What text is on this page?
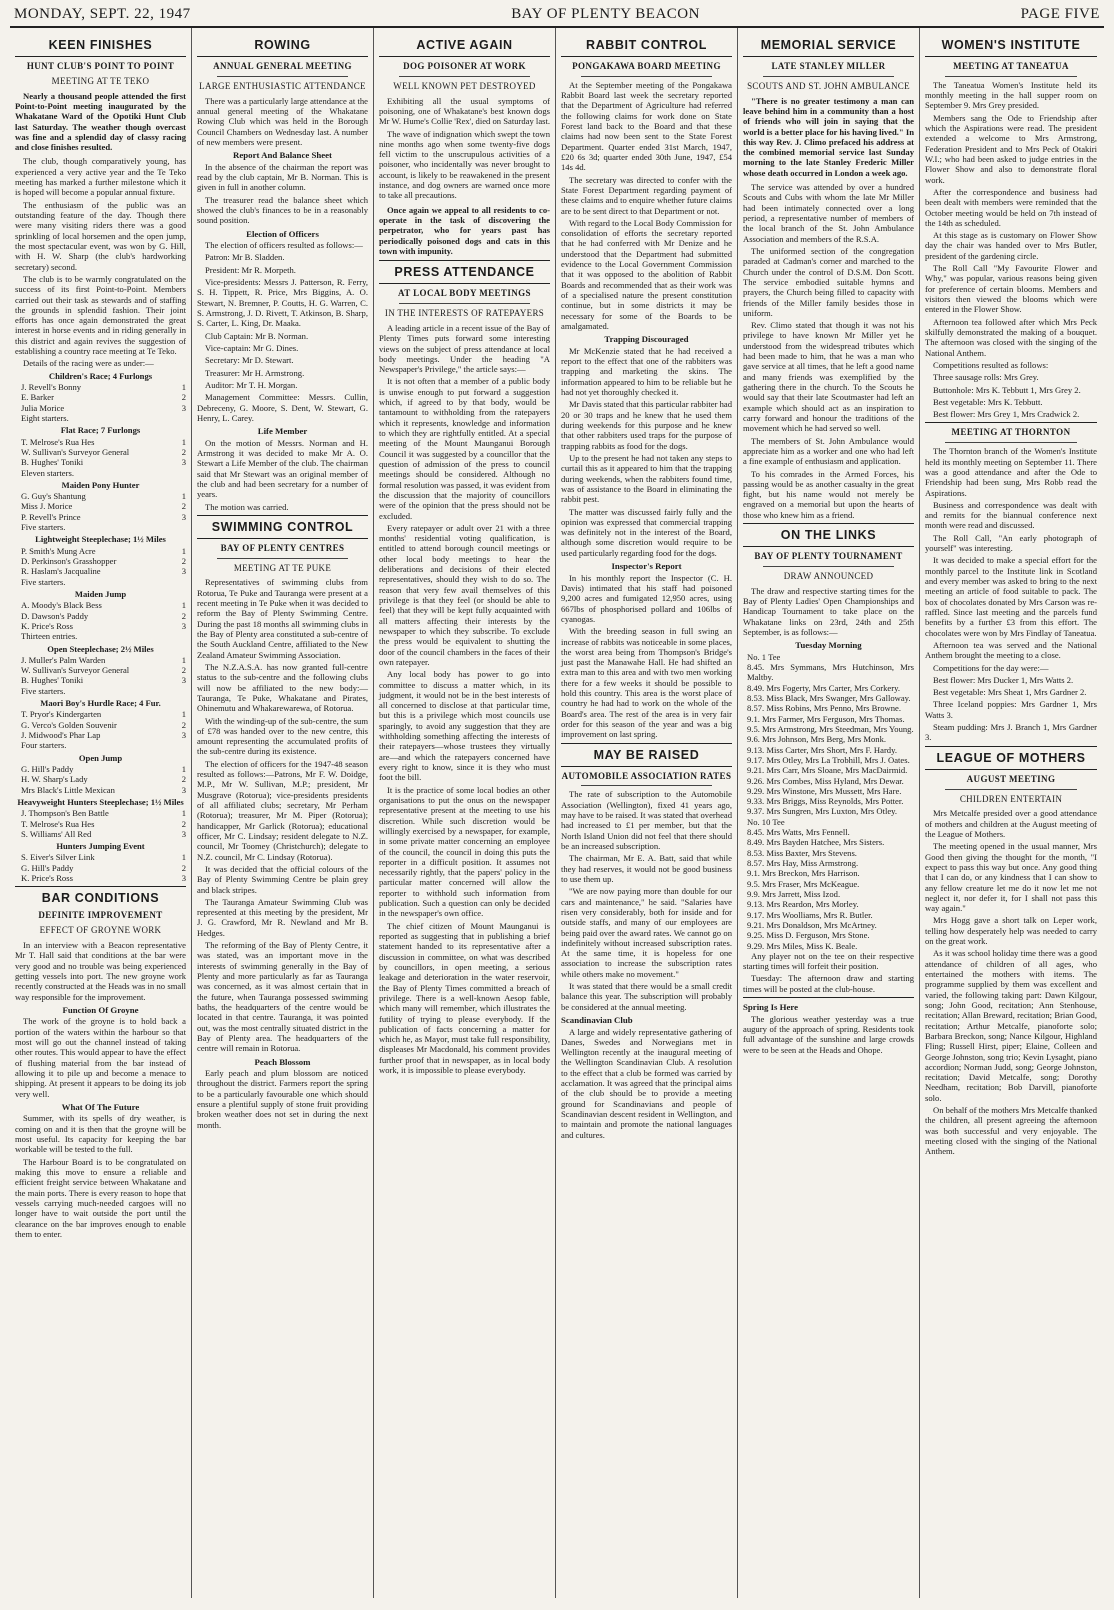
MONDAY, SEPT. 22, 1947	BAY OF PLENTY BEACON	PAGE FIVE
KEEN FINISHES
HUNT CLUB'S POINT TO POINT
MEETING AT TE TEKO
Nearly a thousand people attended the first Point-to-Point meeting inaugurated by the Whakatane Ward of the Opotiki Hunt Club last Saturday. The weather though overcast was fine and a splendid day of classy racing and close finishes resulted.
The club, though comparatively young, has experienced a very active year and the Te Teko meeting has marked a further milestone which it is hoped will become a popular annual fixture.
The enthusiasm of the public was an outstanding feature of the day. Though there were many visiting riders there was a good sprinkling of local horsemen and the open jump, the most spectacular event, was won by G. Hill, with H. W. Sharp (the club's hardworking secretary) second.
The club is to be warmly congratulated on the success of its first Point-to-Point. Members carried out their task as stewards and of staffing the grounds in splendid fashion. Their joint efforts has once again demonstrated the great interest in horse events and in riding generally in this district and again revives the suggestion of establishing a country race meeting at Te Teko.
Details of the racing were as under:—
Children's Race; 4 Furlongs
J. Revell's Bonny	1
E. Barker	2
Julia Morice	3
Eight starters.
Flat Race; 7 Furlongs
T. Melrose's Rua Hes	1
W. Sullivan's Surveyor General	2
B. Hughes' Toniki	3
Eleven starters.
Maiden Pony Hunter
G. Guy's Shantung	1
Miss J. Morice	2
P. Revell's Prince	3
Five starters.
Lightweight Steeplechase; 1½ Miles
P. Smith's Mung Acre	1
D. Perkinson's Grasshopper	2
R. Haslam's Jacqualine	3
Five starters.
Maiden Jump
A. Moody's Black Bess	1
D. Dawson's Paddy	2
K. Price's Ross	3
Thirteen entries.
Open Steeplechase; 2½ Miles
J. Muller's Palm Warden	1
W. Sullivan's Surveyor General	2
B. Hughes' Toniki	3
Five starters.
Maori Boy's Hurdle Race; 4 Fur.
T. Pryor's Kindergarten	1
G. Verco's Golden Souvenir	2
J. Midwood's Phar Lap	3
Four starters.
Open Jump
G. Hill's Paddy	1
H. W. Sharp's Lady	2
Mrs Black's Little Mexican	3
Heavyweight Hunters Steeplechase; 1½ Miles
J. Thompson's Ben Battle	1
T. Melrose's Rua Hes	2
S. Williams' All Red	3
Hunters Jumping Event
S. Eiver's Silver Link	1
G. Hill's Paddy	2
K. Price's Ross	3
BAR CONDITIONS
DEFINITE IMPROVEMENT
EFFECT OF GROYNE WORK
In an interview with a Beacon representative Mr T. Hall said that conditions at the bar were very good and no trouble was being experienced getting vessels into port. The new groyne work recently constructed at the Heads was in no small way responsible for the improvement.
Function Of Groyne
The work of the groyne is to hold back a portion of the waters within the harbour so that most will go out the channel instead of taking other routes. This would appear to have the effect of flushing material from the bar instead of allowing it to pile up and become a menace to shipping. At present it appears to be doing its job very well.
What Of The Future
Summer, with its spells of dry weather, is coming on and it is then that the groyne will be most useful. Its capacity for keeping the bar workable will be tested to the full.
The Harbour Board is to be congratulated on making this move to ensure a reliable and efficient freight service between Whakatane and the main ports. There is every reason to hope that vessels carrying much-needed cargoes will no longer have to wait outside the port until the clearance on the bar improves enough to enable them to enter.
ROWING
ANNUAL GENERAL MEETING
LARGE ENTHUSIASTIC ATTENDANCE
There was a particularly large attendance at the annual general meeting of the Whakatane Rowing Club which was held in the Borough Council Chambers on Wednesday last. A number of new members were present.
Report And Balance Sheet
In the absence of the chairman the report was read by the club captain, Mr B. Norman. This is given in full in another column.
The treasurer read the balance sheet which showed the club's finances to be in a reasonably sound position.
Election of Officers
The election of officers resulted as follows:—
Patron: Mr B. Sladden.
President: Mr R. Morpeth.
Vice-presidents: Messrs J. Patterson, R. Ferry, S. H. Tippett, R. Price, Mrs Biggins, A. O. Stewart, N. Bremner, P. Coutts, H. G. Warren, C. S. Armstrong, J. D. Rivett, T. Atkinson, B. Sharp, S. Carter, L. King, Dr. Maaka.
Club Captain: Mr B. Norman.
Vice-captain: Mr G. Dines.
Secretary: Mr D. Stewart.
Treasurer: Mr H. Armstrong.
Auditor: Mr T. H. Morgan.
Management Committee: Messrs. Cullin, Debreceny, G. Moore, S. Dent, W. Stewart, G. Henry, L. Carey.
Life Member
On the motion of Messrs. Norman and H. Armstrong it was decided to make Mr A. O. Stewart a Life Member of the club. The chairman said that Mr Stewart was an original member of the club and had been secretary for a number of years.
The motion was carried.
SWIMMING CONTROL
BAY OF PLENTY CENTRES
MEETING AT TE PUKE
Representatives of swimming clubs from Rotorua, Te Puke and Tauranga were present at a recent meeting in Te Puke when it was decided to reform the Bay of Plenty Swimming Centre. During the past 18 months all swimming clubs in the Bay of Plenty area constituted a sub-centre of the South Auckland Centre, affiliated to the New Zealand Amateur Swimming Association.
The N.Z.A.S.A. has now granted full-centre status to the sub-centre and the following clubs will now be affiliated to the new body:—Tauranga, Te Puke, Whakatane and Pirates, Ohinemutu and Whakarewarewa, of Rotorua.
With the winding-up of the sub-centre, the sum of £78 was handed over to the new centre, this amount representing the accumulated profits of the sub-centre during its existence.
The election of officers for the 1947-48 season resulted as follows:—Patrons, Mr F. W. Doidge, M.P., Mr W. Sullivan, M.P.; president, Mr Musgrave (Rotorua); vice-presidents presidents of all affiliated clubs; secretary, Mr Perham (Rotorua); treasurer, Mr M. Piper (Rotorua); handicapper, Mr Garlick (Rotorua); educational officer, Mr C. Lindsay; resident delegate to N.Z. council, Mr Toomey (Christchurch); delegate to N.Z. council, Mr C. Lindsay (Rotorua).
It was decided that the official colours of the Bay of Plenty Swimming Centre be plain grey and black stripes.
The Tauranga Amateur Swimming Club was represented at this meeting by the president, Mr J. G. Crawford, Mr R. Newland and Mr B. Hedges.
The reforming of the Bay of Plenty Centre, it was stated, was an important move in the interests of swimming generally in the Bay of Plenty and more particularly as far as Tauranga was concerned, as it was almost certain that in the future, when Tauranga possessed swimming baths, the headquarters of the centre would be located in that centre. Tauranga, it was pointed out, was the most centrally situated district in the Bay of Plenty area. The headquarters of the centre will remain in Rotorua.
Peach Blossom
Early peach and plum blossom are noticed throughout the district. Farmers report the spring to be a particularly favourable one which should ensure a plentiful supply of stone fruit providing broken weather does not set in during the next month.
ACTIVE AGAIN
DOG POISONER AT WORK
WELL KNOWN PET DESTROYED
Exhibiting all the usual symptoms of poisoning, one of Whakatane's best known dogs Mr W. Hume's Collie 'Rex', died on Saturday last.
The wave of indignation which swept the town nine months ago when some twenty-five dogs fell victim to the unscrupulous activities of a poisoner, who incidentally was never brought to account, is likely to be reawakened in the present instance, and dog owners are warned once more to take all precautions.
Once again we appeal to all residents to co-operate in the task of discovering the perpetrator, who for years past has periodically poisoned dogs and cats in this town with impunity.
PRESS ATTENDANCE
AT LOCAL BODY MEETINGS
IN THE INTERESTS OF RATEPAYERS
A leading article in a recent issue of the Bay of Plenty Times puts forward some interesting views on the subject of press attendance at local body meetings. Under the heading "A Newspaper's Privilege," the article says:—
It is not often that a member of a public body is unwise enough to put forward a suggestion which, if agreed to by that body, would be tantamount to withholding from the ratepayers which it represents, knowledge and information to which they are rightfully entitled. At a special meeting of the Mount Maunganui Borough Council it was suggested by a councillor that the question of admission of the press to council meetings should be considered. Although no formal resolution was passed, it was evident from the discussion that the majority of councillors were of the opinion that the press should not be excluded.
Every ratepayer or adult over 21 with a three months' residential voting qualification, is entitled to attend borough council meetings or other local body meetings to hear the deliberations and decisions of their elected representatives, should they wish to do so. The reason that very few avail themselves of this privilege is that they feel (or should be able to feel) that they will be kept fully acquainted with all matters affecting their interests by the newspaper to which they subscribe. To exclude the press would be equivalent to shutting the door of the council chambers in the faces of their own ratepayer.
Any local body has power to go into committee to discuss a matter which, in its judgment, it would not be in the best interests of all concerned to disclose at that particular time, but this is a privilege which most councils use sparingly, to avoid any suggestion that they are withholding something affecting the interests of their ratepayers—whose trustees they virtually are—and which the ratepayers concerned have every right to know, since it is they who must foot the bill.
It is the practice of some local bodies an other organisations to put the onus on the newspaper representative present at the meeting to use his discretion. While such discretion would be willingly exercised by a newspaper, for example, in some private matter concerning an employee of the council, the council in doing this puts the reporter in a difficult position. It assumes not necessarily rightly, that the papers' policy in the particular matter concerned will allow the reporter to withhold such information from publication. Such a question can only be decided in the newspaper's own office.
The chief citizen of Mount Maunganui is reported as suggesting that in publishing a brief statement handed to its representative after a discussion in committee, on what was described by councillors, in open meeting, a serious leakage and deterioration in the water reservoir, the Bay of Plenty Times committed a breach of privilege. There is a well-known Aesop fable, which many will remember, which illustrates the futility of trying to please everybody. If the publication of facts concerning a matter for which he, as Mayor, must take full responsibility, displeases Mr Macdonald, his comment provides further proof that in newspaper, as in local body work, it is impossible to please everybody.
RABBIT CONTROL
PONGAKAWA BOARD MEETING
At the September meeting of the Pongakawa Rabbit Board last week the secretary reported that the Department of Agriculture had referred the following claims for work done on State Forest land back to the Board and that these claims had now been sent to the State Forest Department. Quarter ended 31st March, 1947, £20 6s 3d; quarter ended 30th June, 1947, £54 14s 4d.
The secretary was directed to confer with the State Forest Department regarding payment of these claims and to enquire whether future claims are to be sent direct to that Department or not.
With regard to the Local Body Commission for consolidation of efforts the secretary reported that he had conferred with Mr Denize and he understood that the Department had submitted evidence to the Local Government Commission that it was opposed to the abolition of Rabbit Boards and recommended that as their work was of a specialised nature the present constitution continue, but in some districts it may be necessary for some of the Boards to be amalgamated.
Trapping Discouraged
Mr McKenzie stated that he had received a report to the effect that one of the rabbiters was trapping and marketing the skins. The information appeared to him to be reliable but he had not yet thoroughly checked it.
Mr Davis stated that this particular rabbiter had 20 or 30 traps and he knew that he used them during weekends for this purpose and he knew that other rabbiters used traps for the purpose of trapping rabbits as food for the dogs.
Up to the present he had not taken any steps to curtail this as it appeared to him that the trapping during weekends, when the rabbiters found time, was of assistance to the Board in eliminating the rabbit pest.
The matter was discussed fairly fully and the opinion was expressed that commercial trapping was definitely not in the interest of the Board, although some discretion would require to be used particularly regarding food for the dogs.
Inspector's Report
In his monthly report the Inspector (C. H. Davis) intimated that his staff had poisoned 9,200 acres and fumigated 12,950 acres, using 667lbs of phosphorised pollard and 106lbs of cyanogas.
With the breeding season in full swing an increase of rabbits was noticeable in some places, the worst area being from Thompson's Bridge's just past the Manawahe Hall. He had shifted an extra man to this area and with two men working there for a few weeks it should be possible to hold this country. This area is the worst place of country he had had to work on the whole of the Board's area. The rest of the area is in very fair order for this season of the year and was a big improvement on last spring.
MAY BE RAISED
AUTOMOBILE ASSOCIATION RATES
The rate of subscription to the Automobile Association (Wellington), fixed 41 years ago, may have to be raised. It was stated that overhead had increased to £1 per member, but that the North Island Union did not feel that there should be an increased subscription.
The chairman, Mr E. A. Batt, said that while they had reserves, it would not be good business to use them up.
"We are now paying more than double for our cars and maintenance," he said. "Salaries have risen very considerably, both for inside and for outside staffs, and many of our employees are being paid over the award rates. We cannot go on indefinitely without increased subscription rates. At the same time, it is hopeless for one association to increase the subscription rates while others make no movement."
It was stated that there would be a small credit balance this year. The subscription will probably be considered at the annual meeting.
Scandinavian Club
A large and widely representative gathering of Danes, Swedes and Norwegians met in Wellington recently at the inaugural meeting of the Wellington Scandinavian Club. A resolution to the effect that a club be formed was carried by acclamation. It was agreed that the principal aims of the club should be to provide a meeting ground for Scandinavians and people of Scandinavian descent resident in Wellington, and to maintain and promote the national languages and cultures.
MEMORIAL SERVICE
LATE STANLEY MILLER
SCOUTS AND ST. JOHN AMBULANCE
"There is no greater testimony a man can leave behind him in a community than a host of friends who will join in saying that the world is a better place for his having lived." In this way Rev. J. Climo prefaced his address at the combined memorial service last Sunday morning to the late Stanley Frederic Miller whose death occurred in London a week ago.
The service was attended by over a hundred Scouts and Cubs with whom the late Mr Miller had been intimately connected over a long period, a representative number of members of the local branch of the St. John Ambulance Association and members of the R.S.A.
The uniformed section of the congregation paraded at Cadman's corner and marched to the Church under the control of D.S.M. Don Scott. The service embodied suitable hymns and prayers, the Church being filled to capacity with friends of the Miller family besides those in uniform.
Rev. Climo stated that though it was not his privilege to have known Mr Miller yet he understood from the widespread tributes which had been made to him, that he was a man who gave service at all times, that he left a good name and many friends was exemplified by the gathering there in the church. To the Scouts he would say that their late Scoutmaster had left an example which should act as an inspiration to carry forward and honour the traditions of the movement which he had served so well.
The members of St. John Ambulance would appreciate him as a worker and one who had left a fine example of enthusiasm and application.
To his comrades in the Armed Forces, his passing would be as another casualty in the great fight, but his name would not merely be engraved on a memorial but upon the hearts of those who knew him as a friend.
ON THE LINKS
BAY OF PLENTY TOURNAMENT
DRAW ANNOUNCED
The draw and respective starting times for the Bay of Plenty Ladies' Open Championships and Handicap Tournament to take place on the Whakatane links on 23rd, 24th and 25th September, is as follows:—
Tuesday Morning
No. 1 Tee
8.45. Mrs Symmans, Mrs Hutchinson, Mrs Maltby.
8.49. Mrs Fogerty, Mrs Carter, Mrs Corkery.
8.53. Miss Black, Mrs Swanger, Mrs Galloway.
8.57. Miss Robins, Mrs Penno, Mrs Browne.
9.1. Mrs Farmer, Mrs Ferguson, Mrs Thomas.
9.5. Mrs Armstrong, Mrs Steedman, Mrs Young.
9.6. Mrs Johnson, Mrs Berg, Mrs Monk.
9.13. Miss Carter, Mrs Short, Mrs F. Hardy.
9.17. Mrs Otley, Mrs La Trobhill, Mrs J. Oates.
9.21. Mrs Carr, Mrs Sloane, Mrs MacDairmid.
9.26. Mrs Combes, Miss Hyland, Mrs Dewar.
9.29. Mrs Winstone, Mrs Mussett, Mrs Hare.
9.33. Mrs Briggs, Miss Reynolds, Mrs Potter.
9.37. Mrs Sungren, Mrs Luxton, Mrs Otley.
No. 10 Tee
8.45. Mrs Watts, Mrs Fennell.
8.49. Mrs Bayden Hatchee, Mrs Sisters.
8.53. Miss Baxter, Mrs Stevens.
8.57. Mrs Hay, Miss Armstrong.
9.1. Mrs Breckon, Mrs Harrison.
9.5. Mrs Fraser, Mrs McKeague.
9.9. Mrs Jarrett, Miss Izod.
9.13. Mrs Reardon, Mrs Morley.
9.17. Mrs Woolliams, Mrs R. Butler.
9.21. Mrs Donaldson, Mrs McArtney.
9.25. Miss D. Ferguson, Mrs Stone.
9.29. Mrs Miles, Miss K. Beale.
Any player not on the tee on their respective starting times will forfeit their position.
Tuesday: The afternoon draw and starting times will be posted at the club-house.
Spring Is Here
The glorious weather yesterday was a true augury of the approach of spring. Residents took full advantage of the sunshine and large crowds were to be seen at the Heads and Ohope.
WOMEN'S INSTITUTE
MEETING AT TANEATUA
The Taneatua Women's Institute held its monthly meeting in the hall supper room on September 9. Mrs Grey presided.
Members sang the Ode to Friendship after which the Aspirations were read. The president extended a welcome to Mrs Armstrong, Federation President and to Mrs Peck of Otakiri W.I.; who had been asked to judge entries in the Flower Show and also to demonstrate floral work.
After the correspondence and business had been dealt with members were reminded that the October meeting would be held on 7th instead of the 14th as scheduled.
At this stage as is customary on Flower Show day the chair was handed over to Mrs Butler, president of the gardening circle.
The Roll Call "My Favourite Flower and Why," was popular, various reasons being given for preference of certain blooms. Members and visitors then viewed the blooms which were entered in the Flower Show.
Afternoon tea followed after which Mrs Peck skilfully demonstrated the making of a bouquet. The afternoon was closed with the singing of the National Anthem.
Competitions resulted as follows:
Three sausage rolls: Mrs Grey.
Buttonhole: Mrs K. Tebbutt 1, Mrs Grey 2.
Best vegetable: Mrs K. Tebbutt.
Best flower: Mrs Grey 1, Mrs Cradwick 2.
MEETING AT THORNTON
The Thornton branch of the Women's Institute held its monthly meeting on September 11. There was a good attendance and after the Ode to Friendship had been sung, Mrs Robb read the Aspirations.
Business and correspondence was dealt with and remits for the biannual conference next month were read and discussed.
The Roll Call, "An early photograph of yourself" was interesting.
It was decided to make a special effort for the monthly parcel to the Institute link in Scotland and every member was asked to bring to the next meeting an article of food suitable to pack. The box of chocolates donated by Mrs Carson was re-raffled. Since last meeting and the parcels fund benefits by a further £3 from this effort. The chocolates were won by Mrs Findlay of Taneatua.
Afternoon tea was served and the National Anthem brought the meeting to a close.
Competitions for the day were:—
Best flower: Mrs Ducker 1, Mrs Watts 2.
Best vegetable: Mrs Sheat 1, Mrs Gardner 2.
Three Iceland poppies: Mrs Gardner 1, Mrs Watts 3.
Steam pudding: Mrs J. Branch 1, Mrs Gardner 3.
LEAGUE OF MOTHERS
AUGUST MEETING
CHILDREN ENTERTAIN
Mrs Metcalfe presided over a good attendance of mothers and children at the August meeting of the League of Mothers.
The meeting opened in the usual manner, Mrs Good then giving the thought for the month, "I expect to pass this way but once. Any good thing that I can do, or any kindness that I can show to any fellow creature let me do it now let me not neglect it, nor defer it, for I shall not pass this way again."
Mrs Hogg gave a short talk on Leper work, telling how desperately help was needed to carry on the great work.
As it was school holiday time there was a good attendance of children of all ages, who entertained the mothers with items. The programme supplied by them was excellent and varied, the following taking part: Dawn Kilgour, song; John Good, recitation; Ann Stenhouse, recitation; Allan Breward, recitation; Brian Good, recitation; Arthur Metcalfe, pianoforte solo; Barbara Breckon, song; Nance Kilgour, Highland Fling; Russell Hirst, piper; Elaine, Colleen and George Johnston, song trio; Kevin Lysaght, piano accordion; Norman Judd, song; George Johnston, recitation; David Metcalfe, song; Dorothy Needham, recitation; Bob Darvill, pianoforte solo.
On behalf of the mothers Mrs Metcalfe thanked the children, all present agreeing the afternoon was both successful and very enjoyable. The meeting closed with the singing of the National Anthem.
